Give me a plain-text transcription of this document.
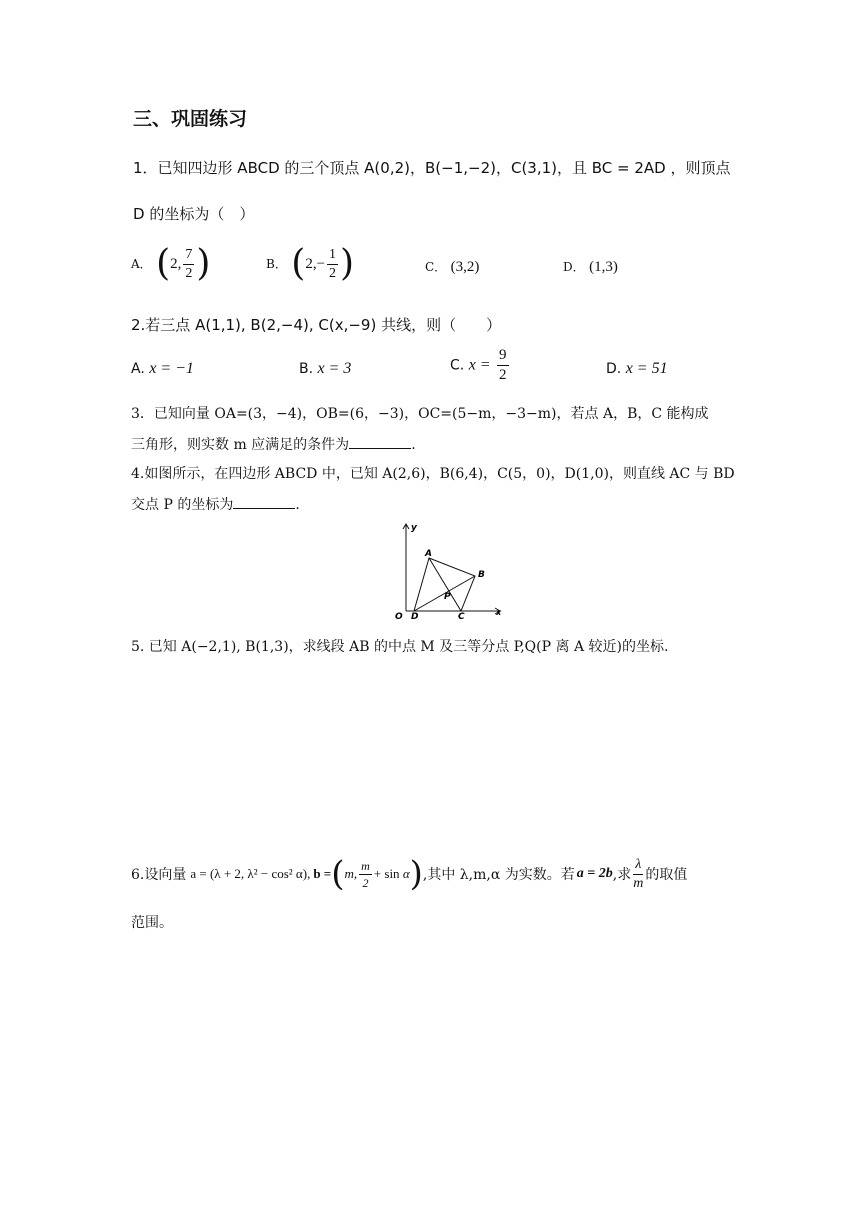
三、巩固练习
1．已知四边形 ABCD 的三个顶点 A(0,2)，B(−1,−2)，C(3,1)，且 BC = 2AD ，则顶点
D 的坐标为（　）
A． (2, $\frac{7}{2}$ )	B． ($2,- \frac{1}{2}$ )	C． (3,2)	D． (1,3)
2.若三点 A(1,1), B(2,−4), C(x,−9) 共线，则（　　）
A. x = −1	B. x = 3	C. $x = \frac{9}{2}$	D. x = 51
3．已知向量 OA=(3，−4)，OB=(6，−3)，OC=(5−m，−3−m)，若点 A，B，C 能构成
三角形，则实数 m 应满足的条件为	.
4.如图所示，在四边形 ABCD 中，已知 A(2,6)，B(6,4)，C(5，0)，D(1,0)，则直线 AC 与 BD
交点 P 的坐标为	.
y
A
B
P
O D	C	x
5. 已知 A(−2,1), B(1,3)，求线段 AB 的中点 M 及三等分点 P,Q(P 离 A 较近)的坐标.
6.设向量 a = (λ + 2, λ² − cos² α), b = ( m, $\frac{m}{2} + \sin \alpha$ ) ,其中 λ,m,α 为实数。若 a = 2b ,求 $\frac{\lambda}{m}$ 的取值
范围。
